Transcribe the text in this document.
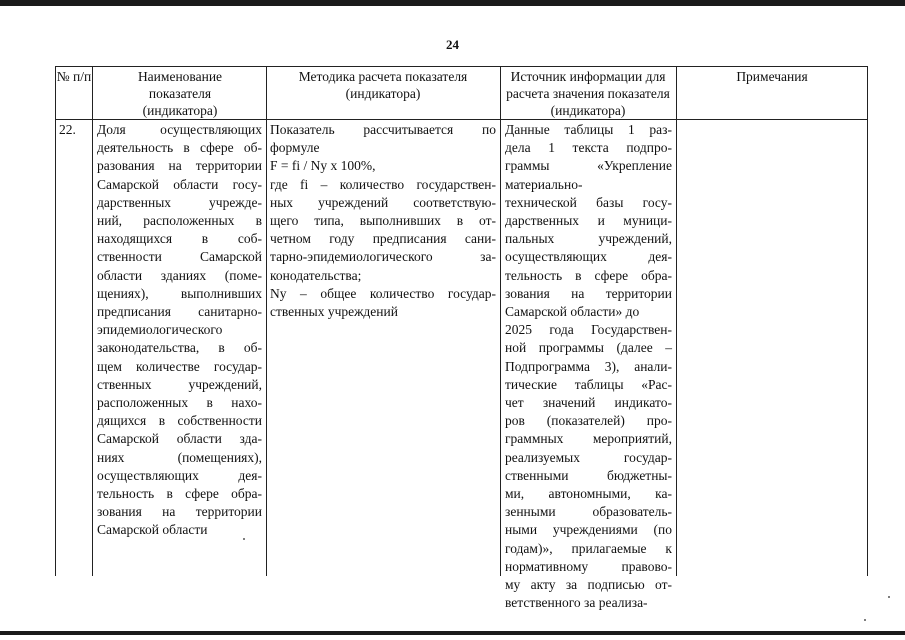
24
№ п/п	Наименование показателя (индикатора)
Методика расчета показателя (индикатора)
Источник информации для расчета значения показателя (индикатора)
Примечания
22.	Доля осуществляющих
деятельность в сфере об-
разования на территории
Самарской области госу-
дарственных учрежде-
ний, расположенных в
находящихся в соб-
ственности Самарской
области зданиях (поме-
щениях), выполнивших
предписания санитарно-
эпидемиологического
законодательства, в об-
щем количестве государ-
ственных учреждений,
расположенных в нахо-
дящихся в собственности
Самарской области зда-
ниях (помещениях),
осуществляющих дея-
тельность в сфере обра-
зования на территории
Самарской области
Показатель рассчитывается по
формуле
F = fi / Nу x 100%,
где fi – количество государствен-
ных учреждений соответствую-
щего типа, выполнивших в от-
четном году предписания сани-
тарно-эпидемиологического за-
конодательства;
Nу – общее количество государ-
ственных учреждений
Данные таблицы 1 раз-
дела 1 текста подпро-
граммы «Укрепление
материально-
технической базы госу-
дарственных и муници-
пальных учреждений,
осуществляющих дея-
тельность в сфере обра-
зования на территории
Самарской области» до
2025 года Государствен-
ной программы (далее –
Подпрограмма 3), анали-
тические таблицы «Рас-
чет значений индикато-
ров (показателей) про-
граммных мероприятий,
реализуемых государ-
ственными бюджетны-
ми, автономными, ка-
зенными образователь-
ными учреждениями (по
годам)», прилагаемые к
нормативному правово-
му акту за подписью от-
ветственного за реализа-
